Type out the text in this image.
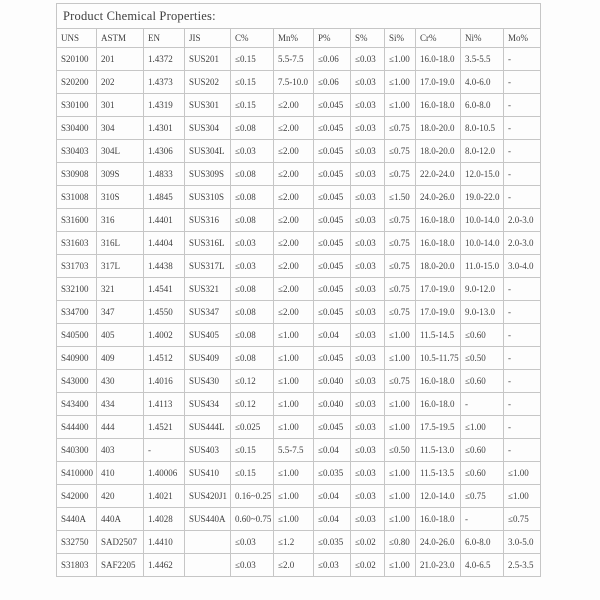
Product Chemical Properties:											
UNS	ASTM	EN	JIS	C%	Mn%	P%	S%	Si%	Cr%	Ni%	Mo%
S20100	201	1.4372	SUS201	≤0.15	5.5-7.5	≤0.06	≤0.03	≤1.00	16.0-18.0	3.5-5.5	-
S20200	202	1.4373	SUS202	≤0.15	7.5-10.0	≤0.06	≤0.03	≤1.00	17.0-19.0	4.0-6.0	-
S30100	301	1.4319	SUS301	≤0.15	≤2.00	≤0.045	≤0.03	≤1.00	16.0-18.0	6.0-8.0	-
S30400	304	1.4301	SUS304	≤0.08	≤2.00	≤0.045	≤0.03	≤0.75	18.0-20.0	8.0-10.5	-
S30403	304L	1.4306	SUS304L	≤0.03	≤2.00	≤0.045	≤0.03	≤0.75	18.0-20.0	8.0-12.0	-
S30908	309S	1.4833	SUS309S	≤0.08	≤2.00	≤0.045	≤0.03	≤0.75	22.0-24.0	12.0-15.0	-
S31008	310S	1.4845	SUS310S	≤0.08	≤2.00	≤0.045	≤0.03	≤1.50	24.0-26.0	19.0-22.0	-
S31600	316	1.4401	SUS316	≤0.08	≤2.00	≤0.045	≤0.03	≤0.75	16.0-18.0	10.0-14.0	2.0-3.0
S31603	316L	1.4404	SUS316L	≤0.03	≤2.00	≤0.045	≤0.03	≤0.75	16.0-18.0	10.0-14.0	2.0-3.0
S31703	317L	1.4438	SUS317L	≤0.03	≤2.00	≤0.045	≤0.03	≤0.75	18.0-20.0	11.0-15.0	3.0-4.0
S32100	321	1.4541	SUS321	≤0.08	≤2.00	≤0.045	≤0.03	≤0.75	17.0-19.0	9.0-12.0	-
S34700	347	1.4550	SUS347	≤0.08	≤2.00	≤0.045	≤0.03	≤0.75	17.0-19.0	9.0-13.0	-
S40500	405	1.4002	SUS405	≤0.08	≤1.00	≤0.04	≤0.03	≤1.00	11.5-14.5	≤0.60	-
S40900	409	1.4512	SUS409	≤0.08	≤1.00	≤0.045	≤0.03	≤1.00	10.5-11.75	≤0.50	-
S43000	430	1.4016	SUS430	≤0.12	≤1.00	≤0.040	≤0.03	≤0.75	16.0-18.0	≤0.60	-
S43400	434	1.4113	SUS434	≤0.12	≤1.00	≤0.040	≤0.03	≤1.00	16.0-18.0	-	-
S44400	444	1.4521	SUS444L	≤0.025	≤1.00	≤0.045	≤0.03	≤1.00	17.5-19.5	≤1.00	-
S40300	403	-	SUS403	≤0.15	5.5-7.5	≤0.04	≤0.03	≤0.50	11.5-13.0	≤0.60	-
S410000	410	1.40006	SUS410	≤0.15	≤1.00	≤0.035	≤0.03	≤1.00	11.5-13.5	≤0.60	≤1.00
S42000	420	1.4021	SUS420J1	0.16~0.25	≤1.00	≤0.04	≤0.03	≤1.00	12.0-14.0	≤0.75	≤1.00
S440A	440A	1.4028	SUS440A	0.60~0.75	≤1.00	≤0.04	≤0.03	≤1.00	16.0-18.0	-	≤0.75
S32750	SAD2507	1.4410		≤0.03	≤1.2	≤0.035	≤0.02	≤0.80	24.0-26.0	6.0-8.0	3.0-5.0
S31803	SAF2205	1.4462		≤0.03	≤2.0	≤0.03	≤0.02	≤1.00	21.0-23.0	4.0-6.5	2.5-3.5
